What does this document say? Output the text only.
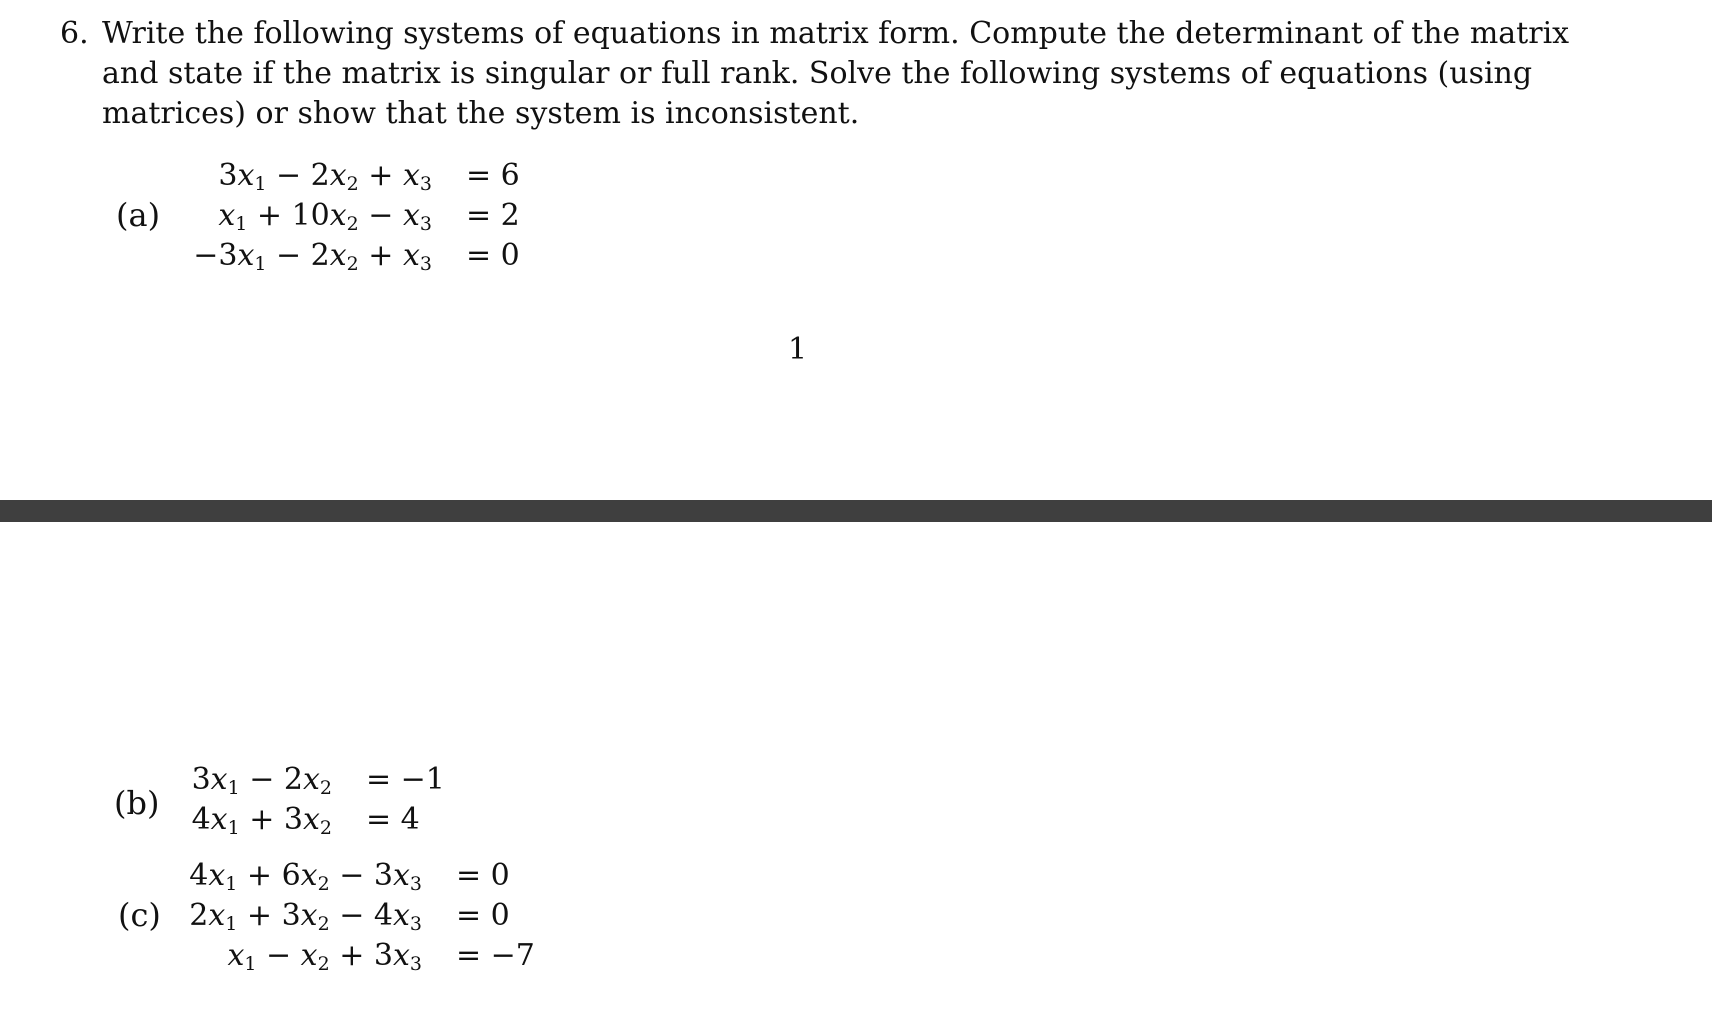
6. Write the following systems of equations in matrix form. Compute the determinant of the matrix and state if the matrix is singular or full rank. Solve the following systems of equations (using matrices) or show that the system is inconsistent.
(a)
$3x_1 - 2x_2 + x_3 = 6$
$x_1 + 10x_2 - x_3 = 2$
$-3x_1 - 2x_2 + x_3 = 0$
1
(b)
$3x_1 - 2x_2 = -1$
$4x_1 + 3x_2 = 4$
(c)
$4x_1 + 6x_2 - 3x_3 = 0$
$2x_1 + 3x_2 - 4x_3 = 0$
$x_1 - x_2 + 3x_3 = -7$
